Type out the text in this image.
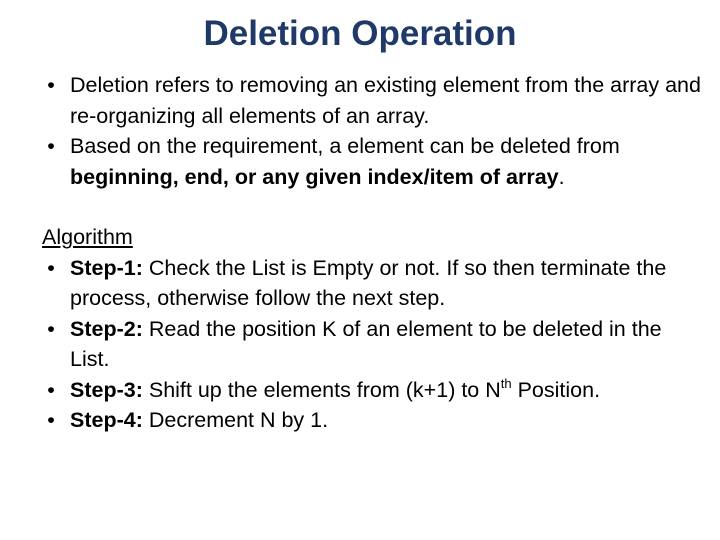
Deletion Operation
• Deletion refers to removing an existing element from the array and re-organizing all elements of an array.
• Based on the requirement, a element can be deleted from beginning, end, or any given index/item of array.
Algorithm
• Step-1: Check the List is Empty or not. If so then terminate the process, otherwise follow the next step.
• Step-2: Read the position K of an element to be deleted in the List.
• Step-3: Shift up the elements from (k+1) to $N^{th}$ Position.
• Step-4: Decrement N by 1.
